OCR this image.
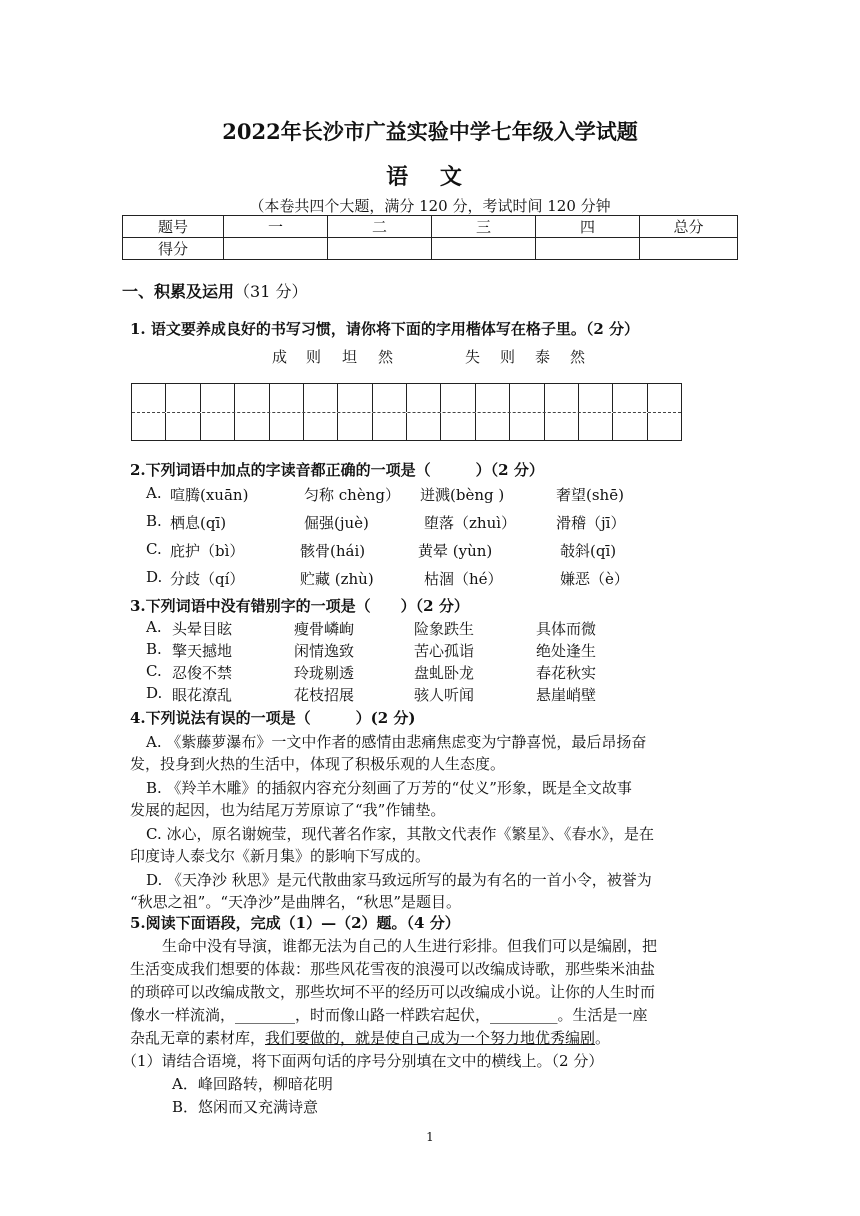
2022年长沙市广益实验中学七年级入学试题
语 文
（本卷共四个大题，满分 120 分，考试时间 120 分钟
题号	一	二	三	四	总分
得分					
一、积累及运用（31 分）
1. 语文要养成良好的书写习惯，请你将下面的字用楷体写在格子里。（2 分）
成 则 坦 然	失 则 泰 然
2.下列词语中加点的字读音都正确的一项是（　　　）（2 分）
A. 喧腾(xuān)	匀称 chèng） 迸溅(bèng )	奢望(shē)
B. 栖息(qī)	倔强(juè)	堕落（zhuì）	滑稽（jī）
C. 庇护（bì）	骸骨(hái)	黄晕 (yùn)	攲斜(qī)
D. 分歧（qí）	贮藏 (zhù)	枯涸（hé）	嫌恶（è）
3.下列词语中没有错别字的一项是（　　）（2 分）
A. 头晕目眩	瘦骨嶙峋	险象跌生	具体而微
B. 擎天撼地	闲情逸致	苦心孤诣	绝处逢生
C. 忍俊不禁	玲珑剔透	盘虬卧龙	春花秋实
D. 眼花潦乱	花枝招展	骇人听闻	悬崖峭壁
4.下列说法有误的一项是（　　　）(2 分)
A. 《紫藤萝瀑布》一文中作者的感情由悲痛焦虑变为宁静喜悦，最后昂扬奋
发，投身到火热的生活中，体现了积极乐观的人生态度。
B. 《羚羊木雕》的插叙内容充分刻画了万芳的“仗义”形象，既是全文故事
发展的起因，也为结尾万芳原谅了“我”作铺垫。
C. 冰心，原名谢婉莹，现代著名作家，其散文代表作《繁星》、《春水》，是在
印度诗人泰戈尔《新月集》的影响下写成的。
D. 《天净沙 秋思》是元代散曲家马致远所写的最为有名的一首小令，被誉为
“秋思之祖”。“天净沙”是曲牌名，“秋思”是题目。
5.阅读下面语段，完成（1）—（2）题。（4 分）
生命中没有导演，谁都无法为自己的人生进行彩排。但我们可以是编剧，把
生活变成我们想要的体裁：那些风花雪夜的浪漫可以改编成诗歌，那些柴米油盐
的琐碎可以改编成散文，那些坎坷不平的经历可以改编成小说。让你的人生时而
像水一样流淌，________，时而像山路一样跌宕起伏，_________。生活是一座
杂乱无章的素材库，我们要做的，就是使自己成为一个努力地优秀编剧。
（1）请结合语境，将下面两句话的序号分别填在文中的横线上。（2 分）
A．峰回路转，柳暗花明
B．悠闲而又充满诗意
1
